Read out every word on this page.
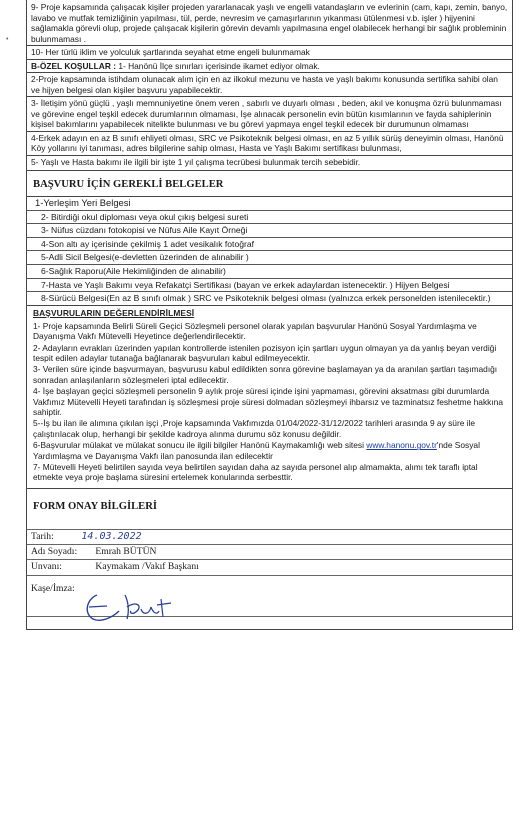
•
9- Proje kapsamında çalışacak kişiler projeden yararlanacak yaşlı ve engelli vatandaşların ve evlerinin (cam, kapı, zemin, banyo, lavabo ve mutfak temizliğinin yapılması, tül, perde, nevresim ve çamaşırlarının yıkanması ütülenmesi v.b. işler ) hijyenini sağlamakla görevli olup, projede çalışacak kişilerin görevin devamlı yapılmasına engel olabilecek herhangi bir sağlık probleminin bulunmaması .
10- Her türlü iklim ve yolculuk şartlarında seyahat etme engeli bulunmamak
B-ÖZEL KOŞULLAR : 1- Hanönü İlçe sınırları içerisinde ikamet ediyor olmak.
2-Proje kapsamında istihdam olunacak alım için en az ilkokul mezunu ve hasta ve yaşlı bakımı konusunda sertifika sahibi olan ve hijyen belgesi olan kişiler başvuru yapabilecektir.
3- İletişim yönü güçlü , yaşlı memnuniyetine önem veren , sabırlı ve duyarlı olması , beden, akıl ve konuşma özrü bulunmaması ve görevine engel teşkil edecek durumlarının olmaması, İşe alınacak personelin evin bütün kısımlarının ve fayda sahiplerinin kişisel bakımlarını yapabilecek nitelikte bulunması ve bu görevi yapmaya engel teşkil edecek bir durumunun olmaması
4-Erkek adayın en az B sınıfı ehliyeti olması, SRC ve Psikoteknik belgesi olması, en az 5 yıllık sürüş deneyimin olması, Hanönü Köy yollarını iyi tanıması, adres bilgilerine sahip olması, Hasta ve Yaşlı Bakımı sertifikası bulunması,
5- Yaşlı ve Hasta bakımı ile ilgili bir işte 1 yıl çalışma tecrübesi bulunmak tercih sebebidir.
BAŞVURU İÇİN GEREKLİ BELGELER
1-Yerleşim Yeri Belgesi
2- Bitirdiği okul diploması veya okul çıkış belgesi sureti
3- Nüfus cüzdanı fotokopisi ve Nüfus Aile Kayıt Örneği
4-Son altı ay içerisinde çekilmiş 1 adet vesikalık fotoğraf
5-Adli Sicil Belgesi(e-devletten üzerinden de alınabilir )
6-Sağlık Raporu(Aile Hekimliğinden de alınabilir)
7-Hasta ve Yaşlı Bakımı veya Refakatçi Sertifikası (bayan ve erkek adaylardan istenecektir. ) Hijyen Belgesi
8-Sürücü Belgesi(En az B sınıfı olmak ) SRC ve Psikoteknik belgesi olması (yalnızca erkek personelden istenilecektir.)
BAŞVURULARIN DEĞERLENDİRİLMESİ

1- Proje kapsamında Belirli Süreli Geçici Sözleşmeli personel olarak yapılan başvurular Hanönü Sosyal Yardımlaşma ve Dayanışma Vakfı Mütevelli Heyetince değerlendirilecektir.

2- Adayların evrakları üzerinden yapılan kontrollerde istenilen pozisyon için şartları uygun olmayan ya da yanlış beyan verdiği tespit edilen adaylar tutanağa bağlanarak başvuruları kabul edilmeyecektir.

3- Verilen süre içinde başvurmayan, başvurusu kabul edildikten sonra görevine başlamayan ya da aranılan şartları taşımadığı sonradan anlaşılanların sözleşmeleri iptal edilecektir.

4- İşe başlayan geçici sözleşmeli personelin 9 aylık proje süresi içinde işini yapmaması, görevini aksatması gibi durumlarda Vakfımız Mütevelli Heyeti tarafından iş sözleşmesi proje süresi dolmadan sözleşmeyi ihbarsız ve tazminatsız feshetme hakkına sahiptir.

5--İş bu ilan ile alımına çıkılan işçi ,Proje kapsamında Vakfımızda 01/04/2022-31/12/2022 tarihleri arasında 9 ay süre ile çalıştırılacak olup, herhangi bir şekilde kadroya alınma durumu söz konusu değildir.

6-Başvurular mülakat ve mülakat sonucu ile ilgili bilgiler Hanönü Kaymakamlığı web sitesi www.hanonu.gov.tr'nde Sosyal Yardımlaşma ve Dayanışma Vakfı ilan panosunda ilan edilecektir

7- Mütevelli Heyeti belirtilen sayıda veya belirtilen sayıdan daha az sayıda personel alıp almamakta, alımı tek taraflı iptal etmekte veya proje başlama süresini ertelemek konularında serbesttir.

FORM ONAY BİLGİLERİ
Tarih:	14.03.2022
Adı Soyadı: Emrah BÜTÜN
Unvanı:	Kaymakam /Vakıf Başkanı
Kaşe/İmza:
